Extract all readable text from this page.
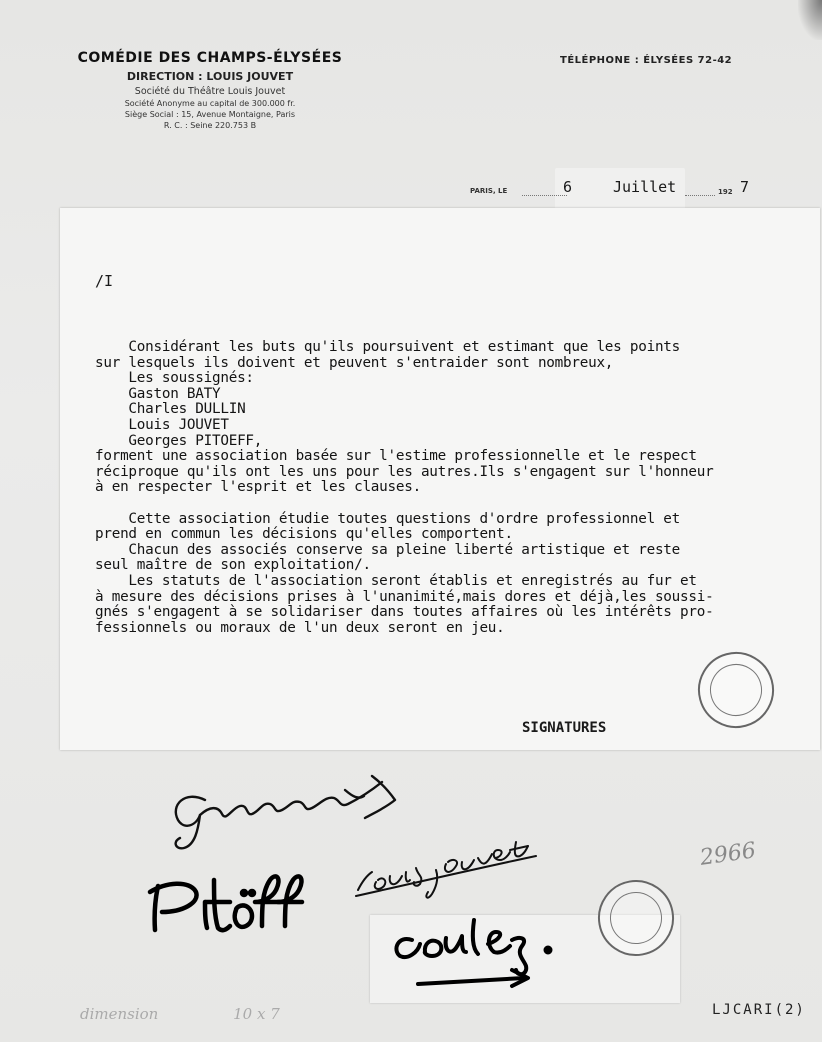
COMÉDIE DES CHAMPS-ÉLYSÉES
DIRECTION : LOUIS JOUVET
Société du Théâtre Louis Jouvet
Société Anonyme au capital de 300.000 fr.
Siège Social : 15, Avenue Montaigne, Paris
R. C. : Seine 220.753 B
TÉLÉPHONE : ÉLYSÉES 72-42
PARIS, LE	6	Juillet	192 7
/I
Considérant les buts qu'ils poursuivent et estimant que les points
sur lesquels ils doivent et peuvent s'entraider sont nombreux,
Les soussignés:
Gaston BATY
Charles DULLIN
Louis JOUVET
Georges PITOEFF,
forment une association basée sur l'estime professionnelle et le respect
réciproque qu'ils ont les uns pour les autres.Ils s'engagent sur l'honneur
à en respecter l'esprit et les clauses.
Cette association étudie toutes questions d'ordre professionnel et
prend en commun les décisions qu'elles comportent.
Chacun des associés conserve sa pleine liberté artistique et reste
seul maître de son exploitation/.
Les statuts de l'association seront établis et enregistrés au fur et
à mesure des décisions prises à l'unanimité,mais dores et déjà,les soussi-
gnés s'engagent à se solidariser dans toutes affaires où les intérêts pro-
fessionnels ou moraux de l'un deux seront en jeu.
SIGNATURES
2966
dimension	10 x 7	LJCARI(2)
